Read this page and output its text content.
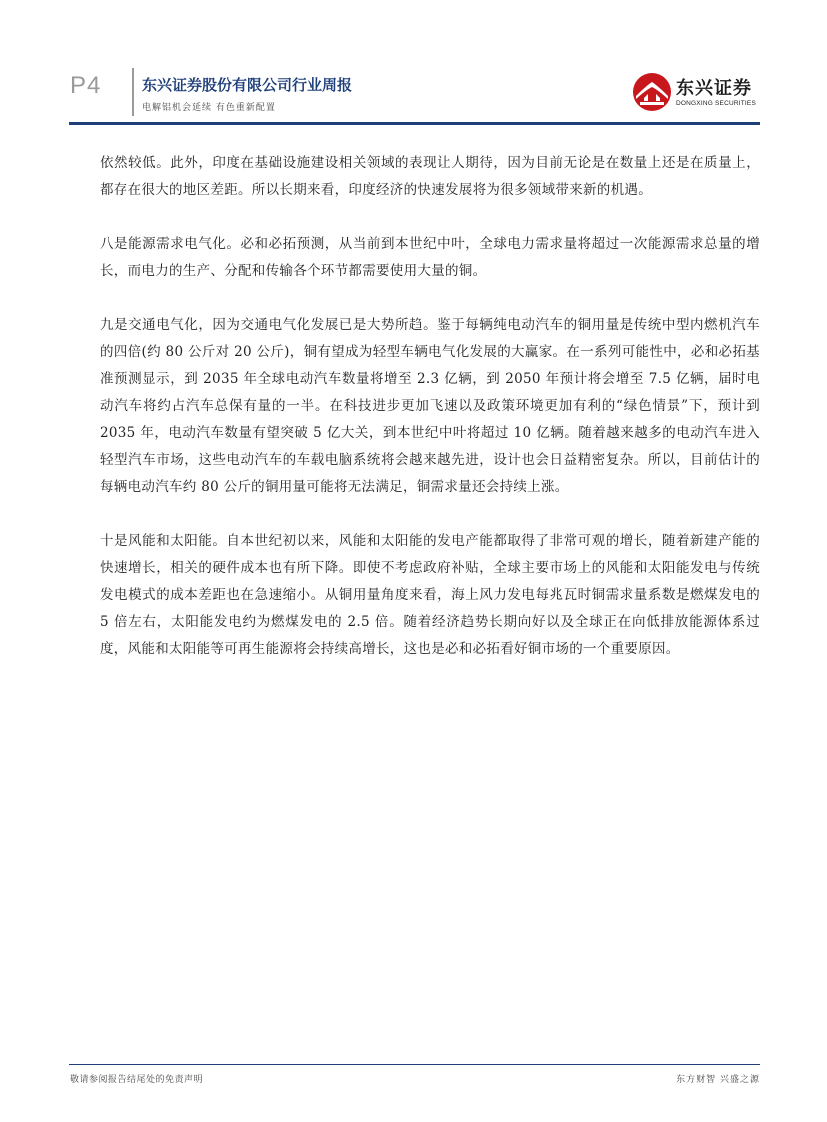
P4	东兴证券股份有限公司行业周报
电解铝机会延续 有色重新配置
东兴证券
DONGXING SECURITIES

依然较低。此外，印度在基础设施建设相关领域的表现让人期待，因为目前无论是在数量上还是在质量上，都存在很大的地区差距。所以长期来看，印度经济的快速发展将为很多领域带来新的机遇。

八是能源需求电气化。必和必拓预测，从当前到本世纪中叶，全球电力需求量将超过一次能源需求总量的增长，而电力的生产、分配和传输各个环节都需要使用大量的铜。

九是交通电气化，因为交通电气化发展已是大势所趋。鉴于每辆纯电动汽车的铜用量是传统中型内燃机汽车的四倍(约 80 公斤对 20 公斤)，铜有望成为轻型车辆电气化发展的大赢家。在一系列可能性中，必和必拓基准预测显示，到 2035 年全球电动汽车数量将增至 2.3 亿辆，到 2050 年预计将会增至 7.5 亿辆，届时电动汽车将约占汽车总保有量的一半。在科技进步更加飞速以及政策环境更加有利的“绿色情景”下，预计到 2035 年，电动汽车数量有望突破 5 亿大关，到本世纪中叶将超过 10 亿辆。随着越来越多的电动汽车进入轻型汽车市场，这些电动汽车的车载电脑系统将会越来越先进，设计也会日益精密复杂。所以，目前估计的每辆电动汽车约 80 公斤的铜用量可能将无法满足，铜需求量还会持续上涨。

十是风能和太阳能。自本世纪初以来，风能和太阳能的发电产能都取得了非常可观的增长，随着新建产能的快速增长，相关的硬件成本也有所下降。即使不考虑政府补贴，全球主要市场上的风能和太阳能发电与传统发电模式的成本差距也在急速缩小。从铜用量角度来看，海上风力发电每兆瓦时铜需求量系数是燃煤发电的 5 倍左右，太阳能发电约为燃煤发电的 2.5 倍。随着经济趋势长期向好以及全球正在向低排放能源体系过度，风能和太阳能等可再生能源将会持续高增长，这也是必和必拓看好铜市场的一个重要原因。

敬请参阅报告结尾处的免责声明	东方财智 兴盛之源
